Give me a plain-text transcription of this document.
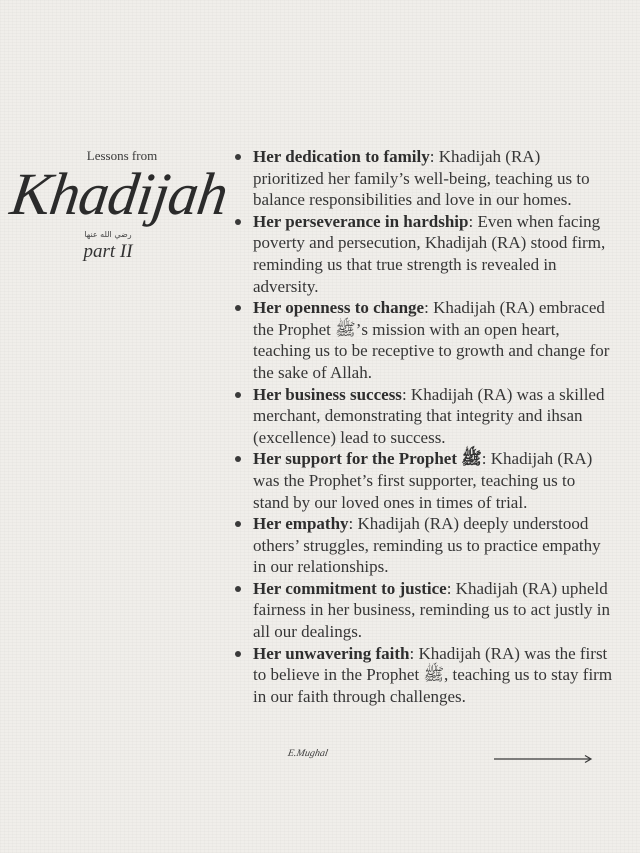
Lessons from
Khadijah
رضي الله عنها
part II
Her dedication to family: Khadijah (RA) prioritized her family’s well-being, teaching us to balance responsibilities and love in our homes.
Her perseverance in hardship: Even when facing poverty and persecution, Khadijah (RA) stood firm, reminding us that true strength is revealed in adversity.
Her openness to change: Khadijah (RA) embraced the Prophet ﷺ’s mission with an open heart, teaching us to be receptive to growth and change for the sake of Allah.
Her business success: Khadijah (RA) was a skilled merchant, demonstrating that integrity and ihsan (excellence) lead to success.
Her support for the Prophet ﷺ: Khadijah (RA) was the Prophet’s first supporter, teaching us to stand by our loved ones in times of trial.
Her empathy: Khadijah (RA) deeply understood others’ struggles, reminding us to practice empathy in our relationships.
Her commitment to justice: Khadijah (RA) upheld fairness in her business, reminding us to act justly in all our dealings.
Her unwavering faith: Khadijah (RA) was the first to believe in the Prophet ﷺ, teaching us to stay firm in our faith through challenges.
E.Mughal
